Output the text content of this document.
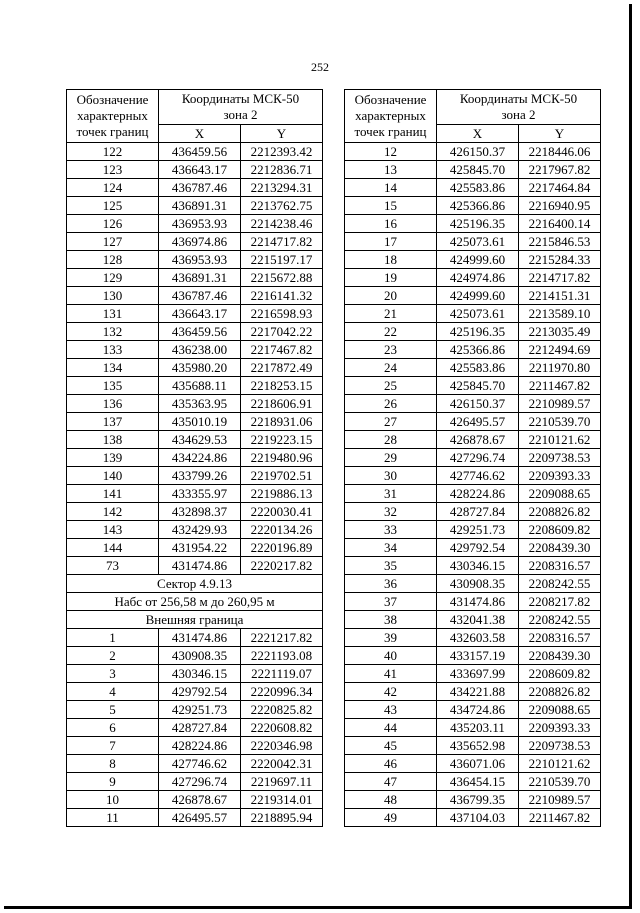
252
Обозначение характерных точек границ	Координаты МСК-50 зона 2	
	X	Y
122	436459.56	2212393.42
123	436643.17	2212836.71
124	436787.46	2213294.31
125	436891.31	2213762.75
126	436953.93	2214238.46
127	436974.86	2214717.82
128	436953.93	2215197.17
129	436891.31	2215672.88
130	436787.46	2216141.32
131	436643.17	2216598.93
132	436459.56	2217042.22
133	436238.00	2217467.82
134	435980.20	2217872.49
135	435688.11	2218253.15
136	435363.95	2218606.91
137	435010.19	2218931.06
138	434629.53	2219223.15
139	434224.86	2219480.96
140	433799.26	2219702.51
141	433355.97	2219886.13
142	432898.37	2220030.41
143	432429.93	2220134.26
144	431954.22	2220196.89
73	431474.86	2220217.82
Сектор 4.9.13		
Набс от 256,58 м до 260,95 м		
Внешняя граница		
1	431474.86	2221217.82
2	430908.35	2221193.08
3	430346.15	2221119.07
4	429792.54	2220996.34
5	429251.73	2220825.82
6	428727.84	2220608.82
7	428224.86	2220346.98
8	427746.62	2220042.31
9	427296.74	2219697.11
10	426878.67	2219314.01
11	426495.57	2218895.94
Обозначение характерных точек границ	Координаты МСК-50 зона 2	
	X	Y
12	426150.37	2218446.06
13	425845.70	2217967.82
14	425583.86	2217464.84
15	425366.86	2216940.95
16	425196.35	2216400.14
17	425073.61	2215846.53
18	424999.60	2215284.33
19	424974.86	2214717.82
20	424999.60	2214151.31
21	425073.61	2213589.10
22	425196.35	2213035.49
23	425366.86	2212494.69
24	425583.86	2211970.80
25	425845.70	2211467.82
26	426150.37	2210989.57
27	426495.57	2210539.70
28	426878.67	2210121.62
29	427296.74	2209738.53
30	427746.62	2209393.33
31	428224.86	2209088.65
32	428727.84	2208826.82
33	429251.73	2208609.82
34	429792.54	2208439.30
35	430346.15	2208316.57
36	430908.35	2208242.55
37	431474.86	2208217.82
38	432041.38	2208242.55
39	432603.58	2208316.57
40	433157.19	2208439.30
41	433697.99	2208609.82
42	434221.88	2208826.82
43	434724.86	2209088.65
44	435203.11	2209393.33
45	435652.98	2209738.53
46	436071.06	2210121.62
47	436454.15	2210539.70
48	436799.35	2210989.57
49	437104.03	2211467.82
